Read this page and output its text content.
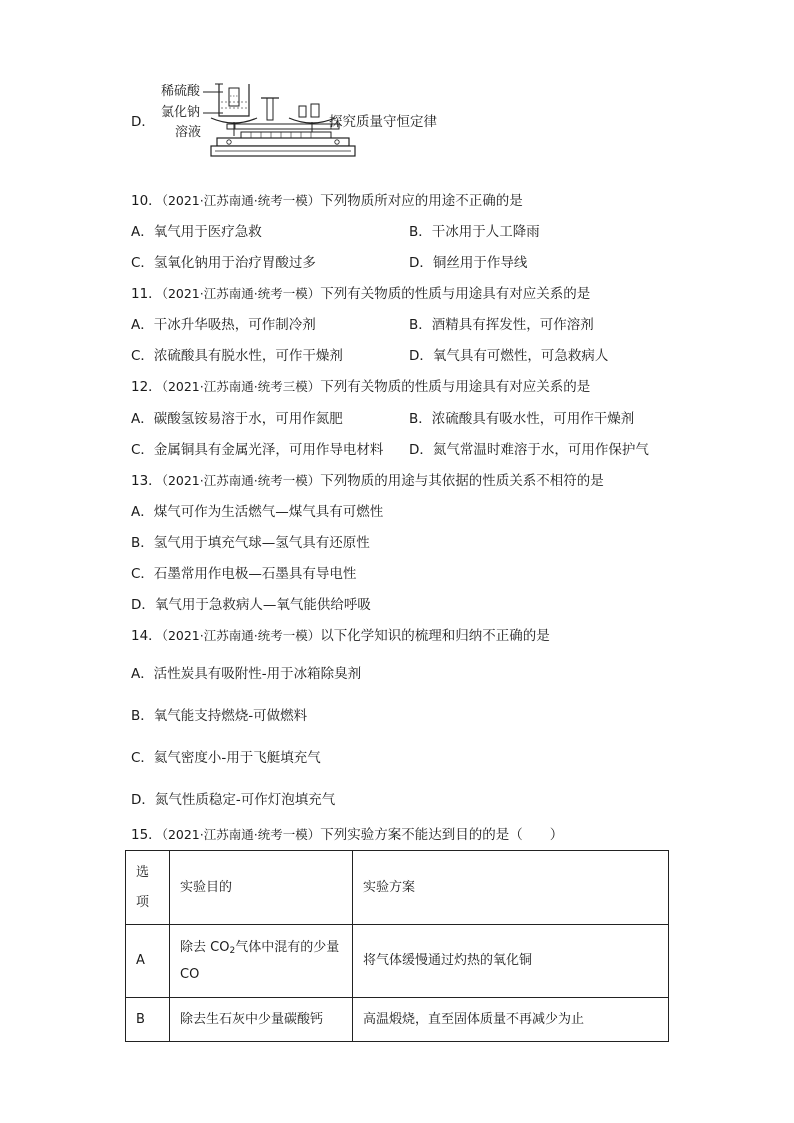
D．
稀硫酸
氯化钠
溶液
探究质量守恒定律
10．（2021·江苏南通·统考一模）下列物质所对应的用途不正确的是
A．氧气用于医疗急救	B．干冰用于人工降雨
C．氢氧化钠用于治疗胃酸过多	D．铜丝用于作导线
11．（2021·江苏南通·统考一模）下列有关物质的性质与用途具有对应关系的是
A．干冰升华吸热，可作制冷剂	B．酒精具有挥发性，可作溶剂
C．浓硫酸具有脱水性，可作干燥剂	D．氧气具有可燃性，可急救病人
12．（2021·江苏南通·统考三模）下列有关物质的性质与用途具有对应关系的是
A．碳酸氢铵易溶于水，可用作氮肥	B．浓硫酸具有吸水性，可用作干燥剂
C．金属铜具有金属光泽，可用作导电材料 D．氮气常温时难溶于水，可用作保护气
13．（2021·江苏南通·统考一模）下列物质的用途与其依据的性质关系不相符的是
A．煤气可作为生活燃气—煤气具有可燃性
B．氢气用于填充气球—氢气具有还原性
C．石墨常用作电极—石墨具有导电性
D．氧气用于急救病人—氧气能供给呼吸
14．（2021·江苏南通·统考一模）以下化学知识的梳理和归纳不正确的是
A．活性炭具有吸附性-用于冰箱除臭剂
B．氧气能支持燃烧-可做燃料
C．氦气密度小-用于飞艇填充气
D．氮气性质稳定-可作灯泡填充气
15．（2021·江苏南通·统考一模）下列实验方案不能达到目的的是（　　）
选项	实验目的	实验方案
A	除去 $CO_2$气体中混有的少量 CO	将气体缓慢通过灼热的氧化铜
B	除去生石灰中少量碳酸钙	高温煅烧，直至固体质量不再减少为止
